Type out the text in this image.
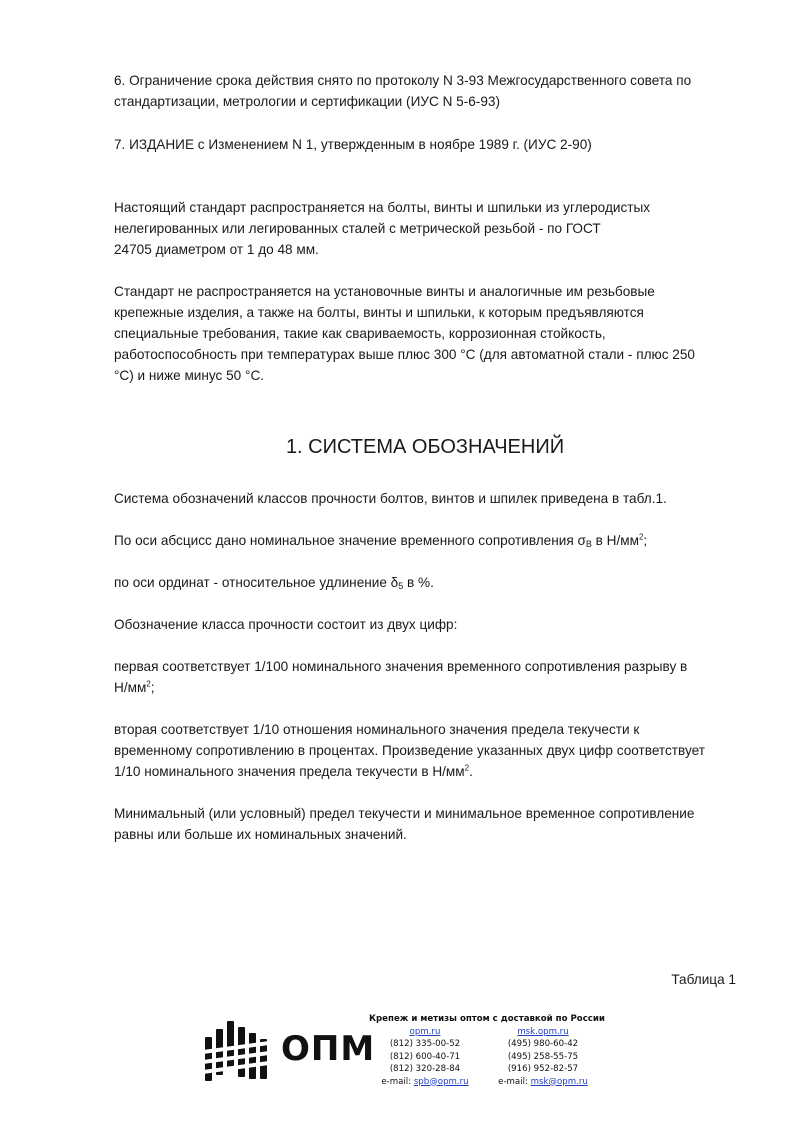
6. Ограничение срока действия снято по протоколу N 3-93 Межгосударственного совета по
стандартизации, метрологии и сертификации (ИУС N 5-6-93)

7. ИЗДАНИЕ с Изменением N 1, утвержденным в ноябре 1989 г. (ИУС 2-90)

Настоящий стандарт распространяется на болты, винты и шпильки из углеродистых
нелегированных или легированных сталей с метрической резьбой - по ГОСТ
24705 диаметром от 1 до 48 мм.

Стандарт не распространяется на установочные винты и аналогичные им резьбовые
крепежные изделия, а также на болты, винты и шпильки, к которым предъявляются
специальные требования, такие как свариваемость, коррозионная стойкость,
работоспособность при температурах выше плюс 300 °С (для автоматной стали - плюс 250
°С) и ниже минус 50 °С.

1. СИСТЕМА ОБОЗНАЧЕНИЙ

Система обозначений классов прочности болтов, винтов и шпилек приведена в табл.1.

По оси абсцисс дано номинальное значение временного сопротивления $\sigma_В$ в $Н/мм^2$;

по оси ординат - относительное удлинение $\delta_5$ в %.

Обозначение класса прочности состоит из двух цифр:

первая соответствует 1/100 номинального значения временного сопротивления разрыву в
$Н/мм^2$;

вторая соответствует 1/10 отношения номинального значения предела текучести к
временному сопротивлению в процентах. Произведение указанных двух цифр соответствует
1/10 номинального значения предела текучести в $Н/мм^2$.

Минимальный (или условный) предел текучести и минимальное временное сопротивление
равны или больше их номинальных значений.

Таблица 1
ОПМ
Крепеж и метизы оптом с доставкой по России
opm.ru
(812) 335-00-52
(812) 600-40-71
(812) 320-28-84
e-mail: spb@opm.ru
msk.opm.ru
(495) 980-60-42
(495) 258-55-75
(916) 952-82-57
e-mail: msk@opm.ru
